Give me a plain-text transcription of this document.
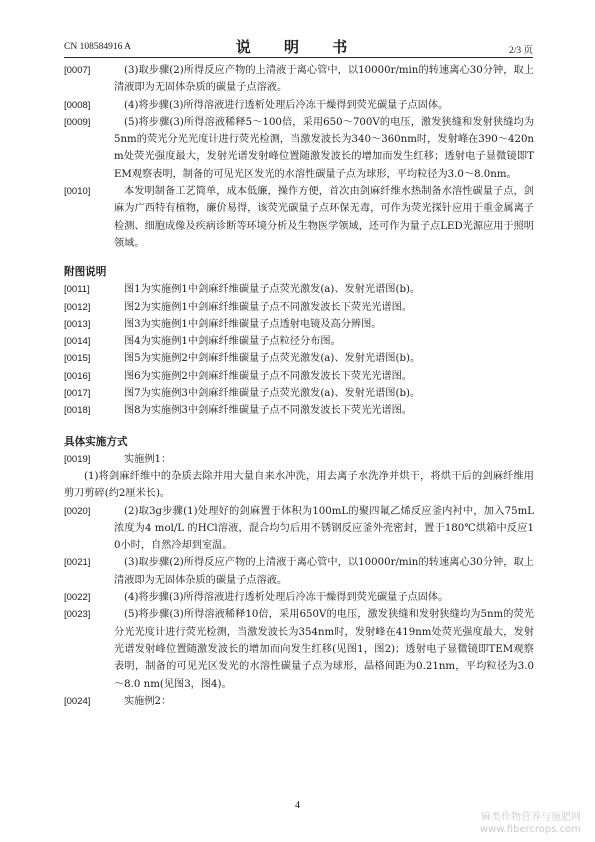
CN 108584916 A	说 明 书	2/3 页
[0007]	(3)取步骤(2)所得反应产物的上清液于离心管中，以10000r/min的转速离心30分钟，取上清液即为无固体杂质的碳量子点溶液。
[0008]	(4)将步骤(3)所得溶液进行透析处理后冷冻干燥得到荧光碳量子点固体。
[0009]	(5)将步骤(3)所得溶液稀释5～100倍，采用650～700V的电压，激发狭缝和发射狭缝均为5nm的荧光分光光度计进行荧光检测，当激发波长为340～360nm时，发射峰在390～420nm处荧光强度最大，发射光谱发射峰位置随激发波长的增加而发生红移；透射电子显微镜即TEM观察表明，制备的可见光区发光的水溶性碳量子点为球形，平均粒径为3.0～8.0nm。
[0010]	本发明制备工艺简单，成本低廉，操作方便，首次由剑麻纤维水热制备水溶性碳量子点，剑麻为广西特有植物，廉价易得，该荧光碳量子点环保无毒，可作为荧光探针应用于重金属离子检测、细胞成像及疾病诊断等环境分析及生物医学领域，还可作为量子点LED光源应用于照明领域。
附图说明
[0011]	图1为实施例1中剑麻纤维碳量子点荧光激发(a)、发射光谱图(b)。
[0012]	图2为实施例1中剑麻纤维碳量子点不同激发波长下荧光光谱图。
[0013]	图3为实施例1中剑麻纤维碳量子点透射电镜及高分辨图。
[0014]	图4为实施例1中剑麻纤维碳量子点粒径分布图。
[0015]	图5为实施例2中剑麻纤维碳量子点荧光激发(a)、发射光谱图(b)。
[0016]	图6为实施例2中剑麻纤维碳量子点不同激发波长下荧光光谱图。
[0017]	图7为实施例3中剑麻纤维碳量子点荧光激发(a)、发射光谱图(b)。
[0018]	图8为实施例3中剑麻纤维碳量子点不同激发波长下荧光光谱图。
具体实施方式
[0019]	实施例1：
(1)将剑麻纤维中的杂质去除并用大量自来水冲洗，用去离子水洗净并烘干，将烘干后的剑麻纤维用剪刀剪碎(约2厘米长)。
[0020]	(2)取3g步骤(1)处理好的剑麻置于体积为100mL的聚四氟乙烯反应釜内衬中，加入75mL 浓度为4 mol/L 的HCl溶液，混合均匀后用不锈钢反应釜外壳密封，置于180℃烘箱中反应10小时，自然冷却到室温。
[0021]	(3)取步骤(2)所得反应产物的上清液于离心管中，以10000r/min的转速离心30分钟，取上清液即为无固体杂质的碳量子点溶液。
[0022]	(4)将步骤(3)所得溶液进行透析处理后冷冻干燥得到荧光碳量子点固体。
[0023]	(5)将步骤(3)所得溶液稀释10倍，采用650V的电压，激发狭缝和发射狭缝均为5nm的荧光分光光度计进行荧光检测，当激发波长为354nm时，发射峰在419nm处荧光强度最大，发射光谱发射峰位置随激发波长的增加而向发生红移(见图1，图2)；透射电子显微镜即TEM观察表明，制备的可见光区发光的水溶性碳量子点为球形，晶格间距为0.21nm，平均粒径为3.0～8.0 nm(见图3，图4)。
[0024]	实施例2：
4
麻类作物营养与施肥网
www.fibercrops.com
